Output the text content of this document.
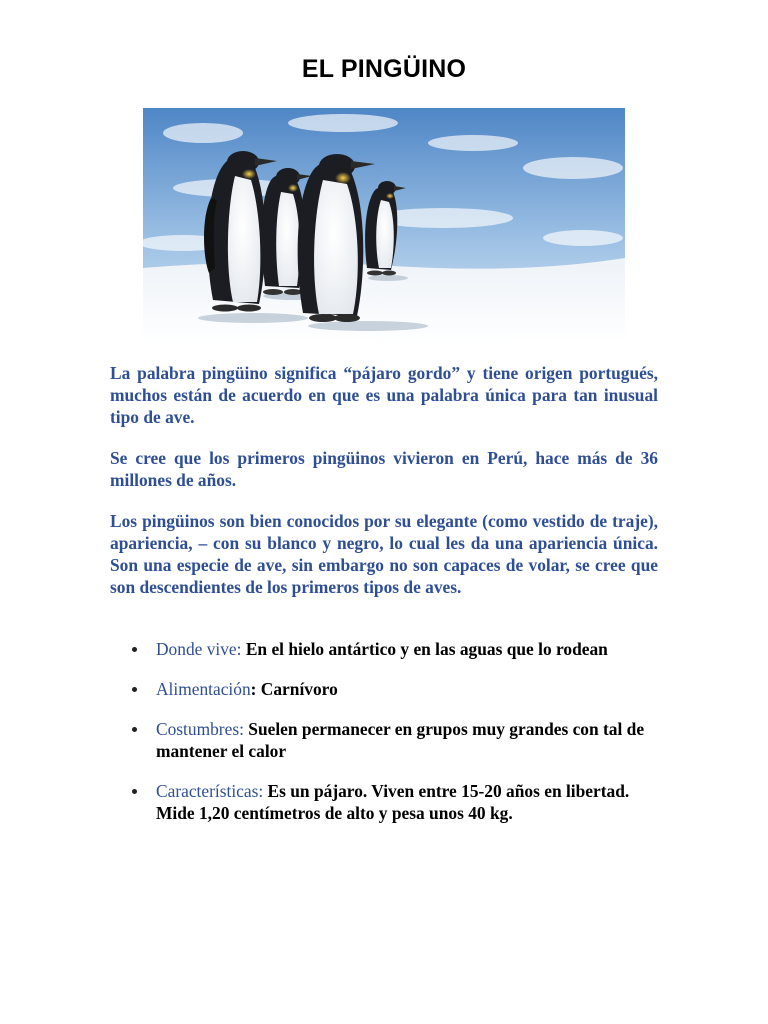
EL PINGÜINO

La palabra pingüino significa “pájaro gordo” y tiene origen portugués, muchos están de acuerdo en que es una palabra única para tan inusual tipo de ave.

Se cree que los primeros pingüinos vivieron en Perú, hace más de 36 millones de años.

Los pingüinos son bien conocidos por su elegante (como vestido de traje), apariencia, – con su blanco y negro, lo cual les da una apariencia única. Son una especie de ave, sin embargo no son capaces de volar, se cree que son descendientes de los primeros tipos de aves.

Donde vive: En el hielo antártico y en las aguas que lo rodean
Alimentación: Carnívoro
Costumbres: Suelen permanecer en grupos muy grandes con tal de mantener el calor
Características: Es un pájaro. Viven entre 15-20 años en libertad. Mide 1,20 centímetros de alto y pesa unos 40 kg.
